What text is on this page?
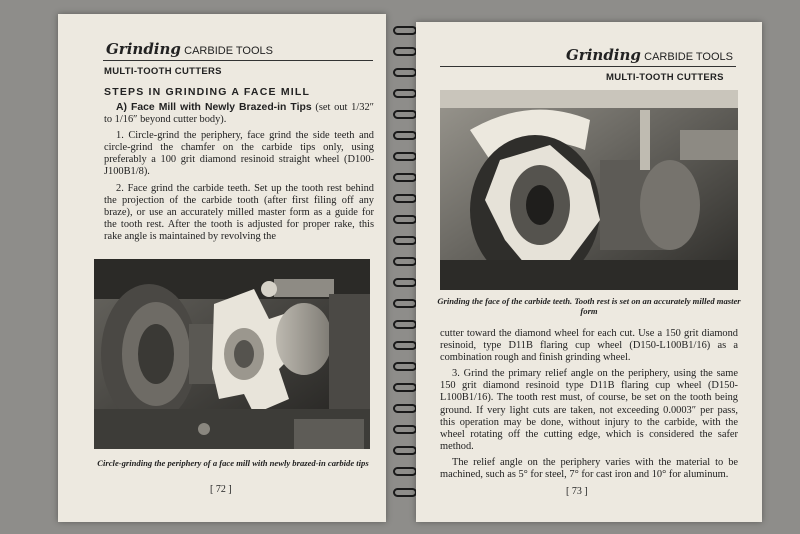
Grinding CARBIDE TOOLS
MULTI-TOOTH CUTTERS
STEPS IN GRINDING A FACE MILL

A) Face Mill with Newly Brazed-in Tips (set out 1/32″ to 1/16″ beyond cutter body).

1. Circle-grind the periphery, face grind the side teeth and circle-grind the chamfer on the carbide tips only, using preferably a 100 grit diamond resinoid straight wheel (D100-J100B1/8).

2. Face grind the carbide teeth. Set up the tooth rest behind the projection of the carbide tooth (after first filing off any braze), or use an accurately milled master form as a guide for the tooth rest. After the tooth is adjusted for proper rake, this rake angle is maintained by revolving the

Circle-grinding the periphery of a face mill with newly brazed-in carbide tips
[ 72 ]
Grinding CARBIDE TOOLS
MULTI-TOOTH CUTTERS
Grinding the face of the carbide teeth. Tooth rest is set on an accurately milled master form

cutter toward the diamond wheel for each cut. Use a 150 grit diamond resinoid, type D11B flaring cup wheel (D150-L100B1/16) as a combination rough and finish grinding wheel.

3. Grind the primary relief angle on the periphery, using the same 150 grit diamond resinoid type D11B flaring cup wheel (D150-L100B1/16). The tooth rest must, of course, be set on the tooth being ground. If very light cuts are taken, not exceeding 0.0003″ per pass, this operation may be done, without injury to the carbide, with the wheel rotating off the cutting edge, which is considered the safer method.

The relief angle on the periphery varies with the material to be machined, such as 5° for steel, 7° for cast iron and 10° for aluminum.

[ 73 ]
